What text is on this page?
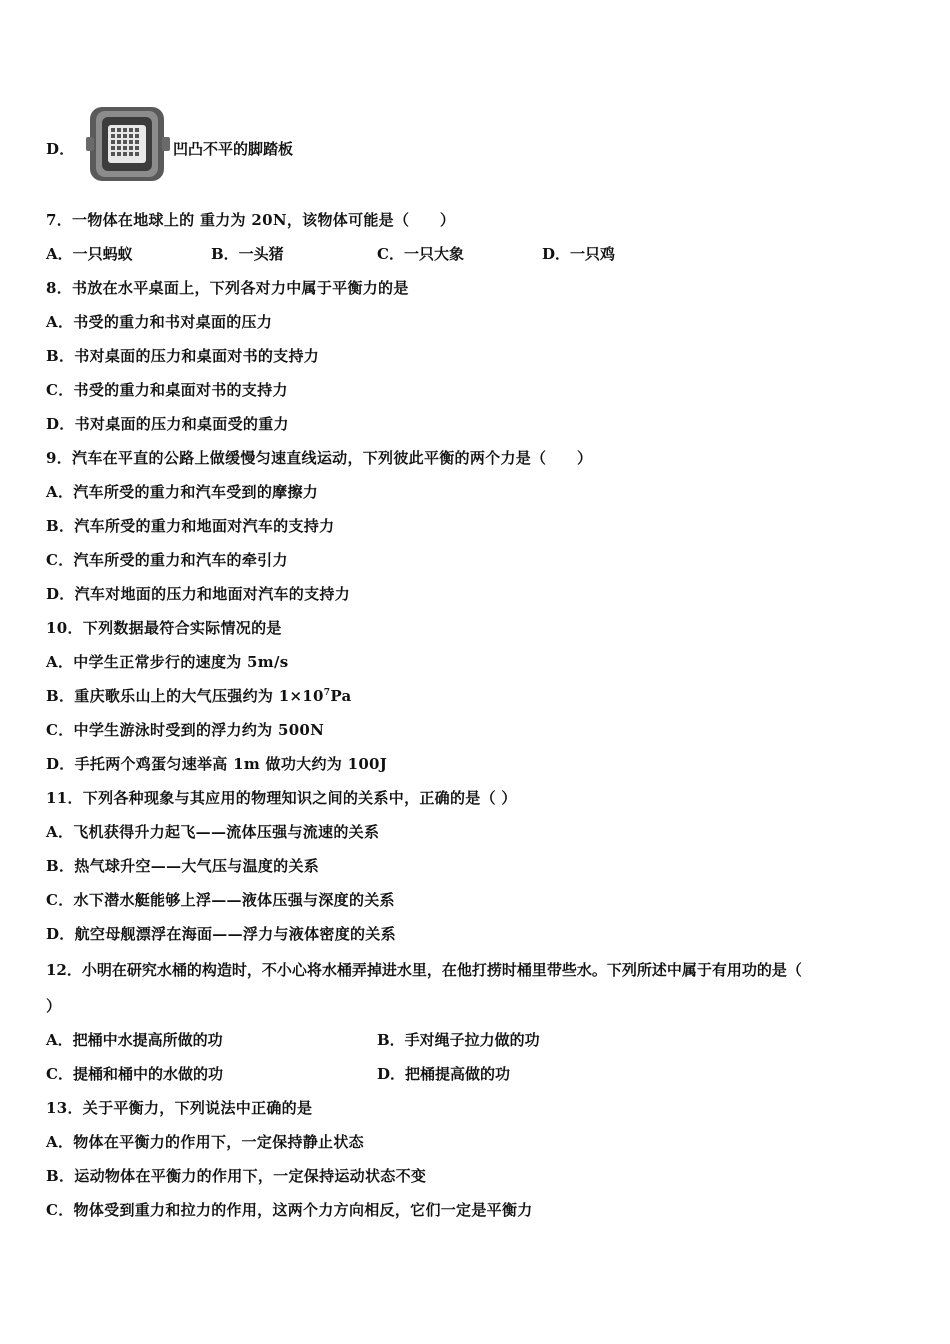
D．	凹凸不平的脚踏板
7．一物体在地球上的 重力为 20N，该物体可能是（　　）
A．一只蚂蚁	B．一头猪	C．一只大象	D．一只鸡
8．书放在水平桌面上，下列各对力中属于平衡力的是
A．书受的重力和书对桌面的压力
B．书对桌面的压力和桌面对书的支持力
C．书受的重力和桌面对书的支持力
D．书对桌面的压力和桌面受的重力
9．汽车在平直的公路上做缓慢匀速直线运动，下列彼此平衡的两个力是（　　）
A．汽车所受的重力和汽车受到的摩擦力
B．汽车所受的重力和地面对汽车的支持力
C．汽车所受的重力和汽车的牵引力
D．汽车对地面的压力和地面对汽车的支持力
10．下列数据最符合实际情况的是
A．中学生正常步行的速度为 5m/s
B．重庆歌乐山上的大气压强约为 $1\times 10^7Pa$
C．中学生游泳时受到的浮力约为 500N
D．手托两个鸡蛋匀速举高 1m 做功大约为 100J
11．下列各种现象与其应用的物理知识之间的关系中，正确的是（ ）
A．飞机获得升力起飞——流体压强与流速的关系
B．热气球升空——大气压与温度的关系
C．水下潜水艇能够上浮——液体压强与深度的关系
D．航空母舰漂浮在海面——浮力与液体密度的关系
12．小明在研究水桶的构造时，不小心将水桶弄掉进水里，在他打捞时桶里带些水。下列所述中属于有用功的是（
）
A．把桶中水提高所做的功	B．手对绳子拉力做的功
C．提桶和桶中的水做的功	D．把桶提高做的功
13．关于平衡力，下列说法中正确的是
A．物体在平衡力的作用下，一定保持静止状态
B．运动物体在平衡力的作用下，一定保持运动状态不变
C．物体受到重力和拉力的作用，这两个力方向相反，它们一定是平衡力
